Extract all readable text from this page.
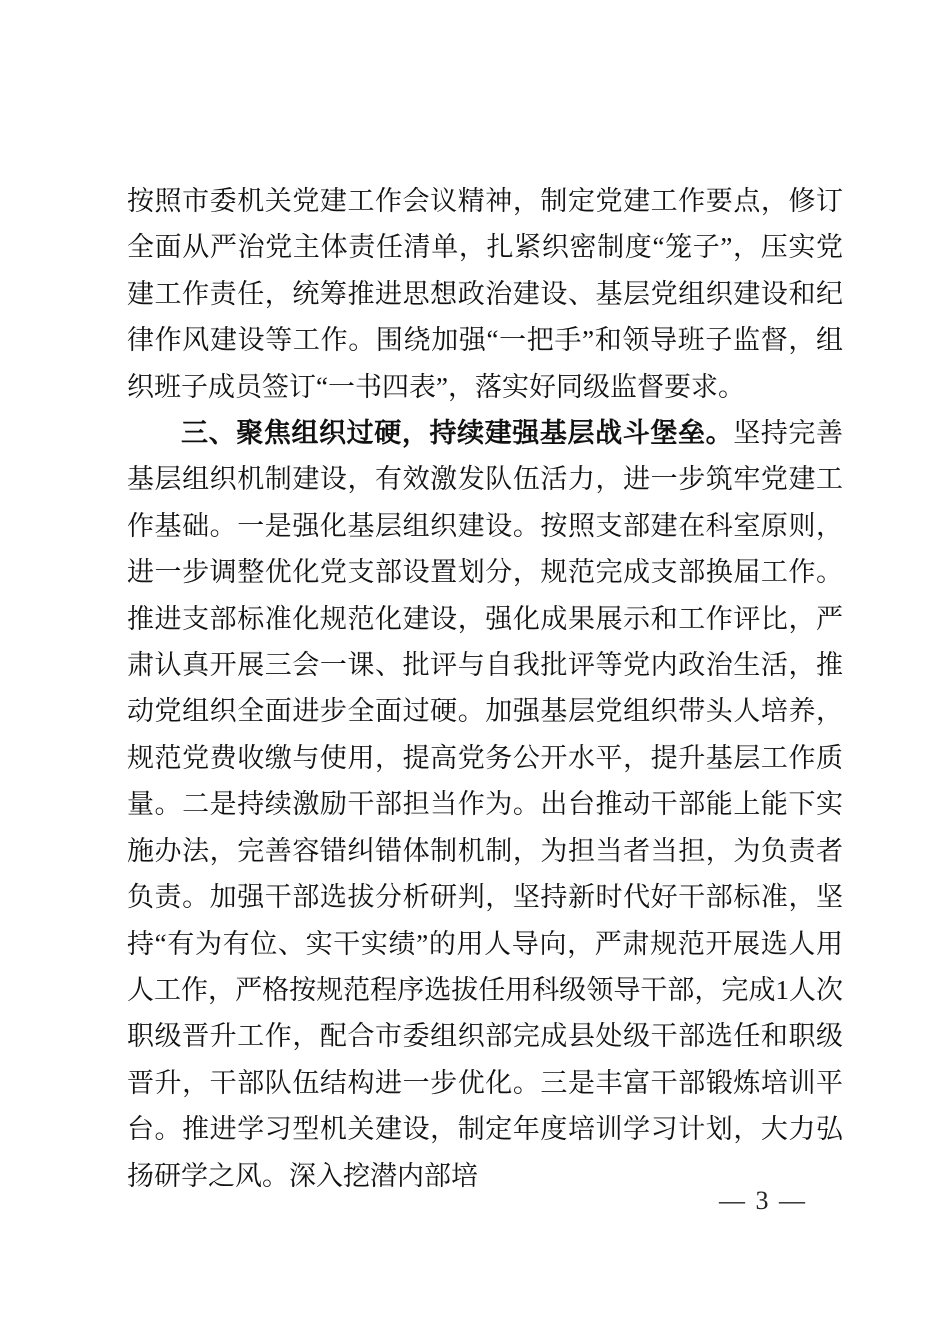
按照市委机关党建工作会议精神，制定党建工作要点，修订全面从严治党主体责任清单，扎紧织密制度“笼子”，压实党建工作责任，统筹推进思想政治建设、基层党组织建设和纪律作风建设等工作。围绕加强“一把手”和领导班子监督，组织班子成员签订“一书四表”，落实好同级监督要求。

三、聚焦组织过硬，持续建强基层战斗堡垒。坚持完善基层组织机制建设，有效激发队伍活力，进一步筑牢党建工作基础。一是强化基层组织建设。按照支部建在科室原则，进一步调整优化党支部设置划分，规范完成支部换届工作。推进支部标准化规范化建设，强化成果展示和工作评比，严肃认真开展三会一课、批评与自我批评等党内政治生活，推动党组织全面进步全面过硬。加强基层党组织带头人培养，规范党费收缴与使用，提高党务公开水平，提升基层工作质量。二是持续激励干部担当作为。出台推动干部能上能下实施办法，完善容错纠错体制机制，为担当者当担，为负责者负责。加强干部选拔分析研判，坚持新时代好干部标准，坚持“有为有位、实干实绩”的用人导向，严肃规范开展选人用人工作，严格按规范程序选拔任用科级领导干部，完成1人次职级晋升工作，配合市委组织部完成县处级干部选任和职级晋升，干部队伍结构进一步优化。三是丰富干部锻炼培训平台。推进学习型机关建设，制定年度培训学习计划，大力弘扬研学之风。深入挖潜内部培

— 3 —
